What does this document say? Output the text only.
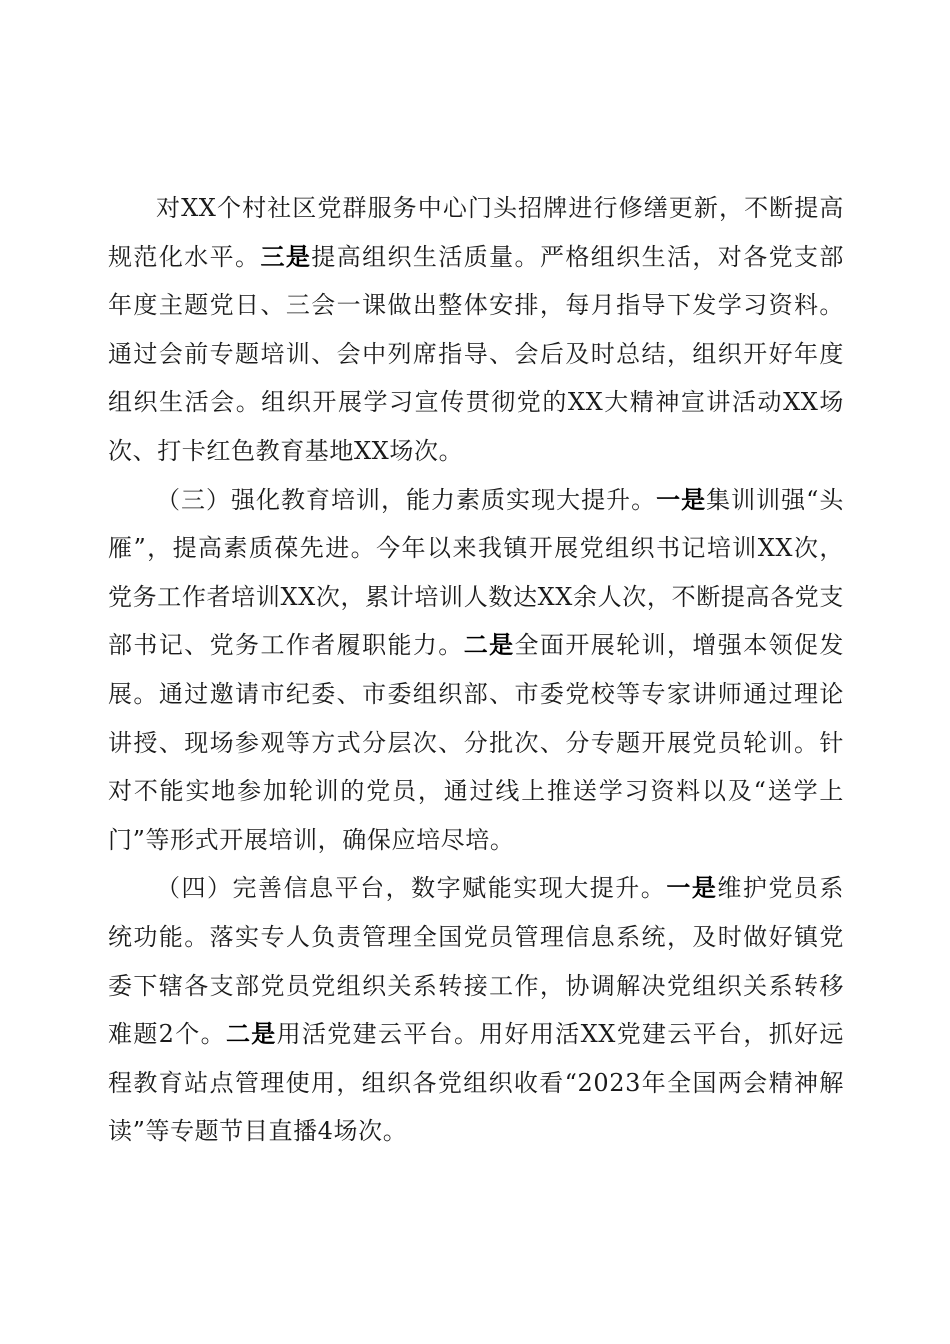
对XX个村社区党群服务中心门头招牌进行修缮更新，不断提高规范化水平。三是提高组织生活质量。严格组织生活，对各党支部年度主题党日、三会一课做出整体安排，每月指导下发学习资料。通过会前专题培训、会中列席指导、会后及时总结，组织开好年度组织生活会。组织开展学习宣传贯彻党的XX大精神宣讲活动XX场次、打卡红色教育基地XX场次。

（三）强化教育培训，能力素质实现大提升。一是集训训强“头雁”，提高素质葆先进。今年以来我镇开展党组织书记培训XX次，党务工作者培训XX次，累计培训人数达XX余人次，不断提高各党支部书记、党务工作者履职能力。二是全面开展轮训，增强本领促发展。通过邀请市纪委、市委组织部、市委党校等专家讲师通过理论讲授、现场参观等方式分层次、分批次、分专题开展党员轮训。针对不能实地参加轮训的党员，通过线上推送学习资料以及“送学上门”等形式开展培训，确保应培尽培。

（四）完善信息平台，数字赋能实现大提升。一是维护党员系统功能。落实专人负责管理全国党员管理信息系统，及时做好镇党委下辖各支部党员党组织关系转接工作，协调解决党组织关系转移难题2个。二是用活党建云平台。用好用活XX党建云平台，抓好远程教育站点管理使用，组织各党组织收看“2023年全国两会精神解读”等专题节目直播4场次。
